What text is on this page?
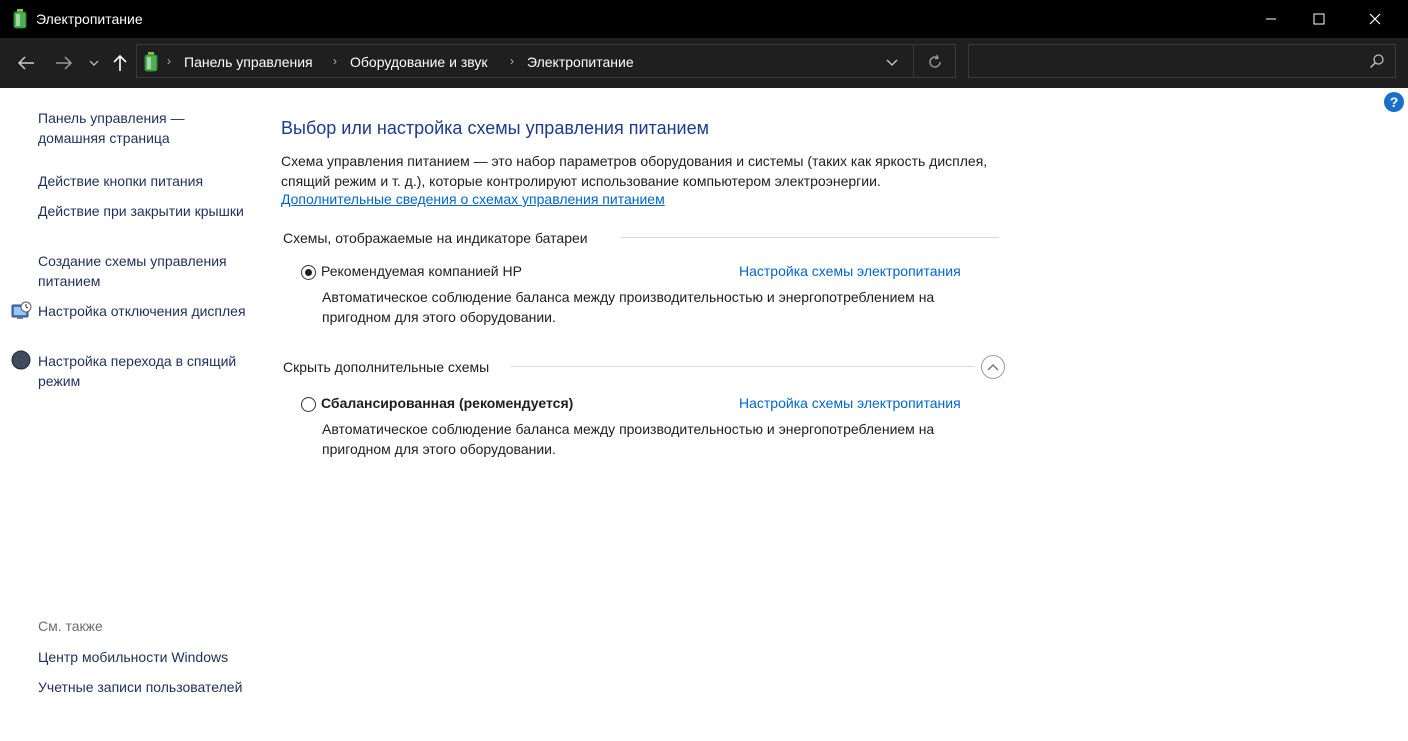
Электропитание
› Панель управления › Оборудование и звук › Электропитание
?
Панель управления — домашняя страница
Действие кнопки питания
Действие при закрытии крышки
Создание схемы управления питанием
Настройка отключения дисплея
Настройка перехода в спящий режим
См. также
Центр мобильности Windows
Учетные записи пользователей
Выбор или настройка схемы управления питанием
Схема управления питанием — это набор параметров оборудования и системы (таких как яркость дисплея, спящий режим и т. д.), которые контролируют использование компьютером электроэнергии.
Дополнительные сведения о схемах управления питанием
Схемы, отображаемые на индикаторе батареи
Рекомендуемая компанией HP	Настройка схемы электропитания
Автоматическое соблюдение баланса между производительностью и энергопотреблением на пригодном для этого оборудовании.
Скрыть дополнительные схемы
Сбалансированная (рекомендуется)	Настройка схемы электропитания
Автоматическое соблюдение баланса между производительностью и энергопотреблением на пригодном для этого оборудовании.
